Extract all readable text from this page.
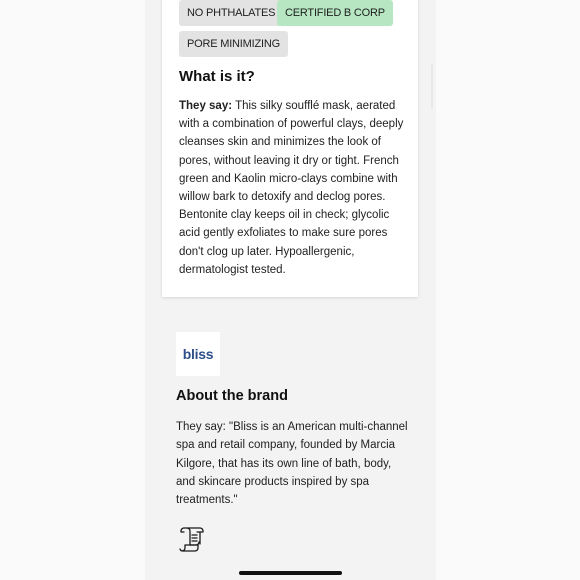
NO PHTHALATES CERTIFIED B CORP
PORE MINIMIZING
What is it?

They say: This silky soufflé mask, aerated with a combination of powerful clays, deeply cleanses skin and minimizes the look of pores, without leaving it dry or tight. French green and Kaolin micro-clays combine with willow bark to detoxify and declog pores. Bentonite clay keeps oil in check; glycolic acid gently exfoliates to make sure pores don't clog up later. Hypoallergenic, dermatologist tested.

bliss
About the brand

They say: "Bliss is an American multi-channel spa and retail company, founded by Marcia Kilgore, that has its own line of bath, body, and skincare products inspired by spa treatments."
